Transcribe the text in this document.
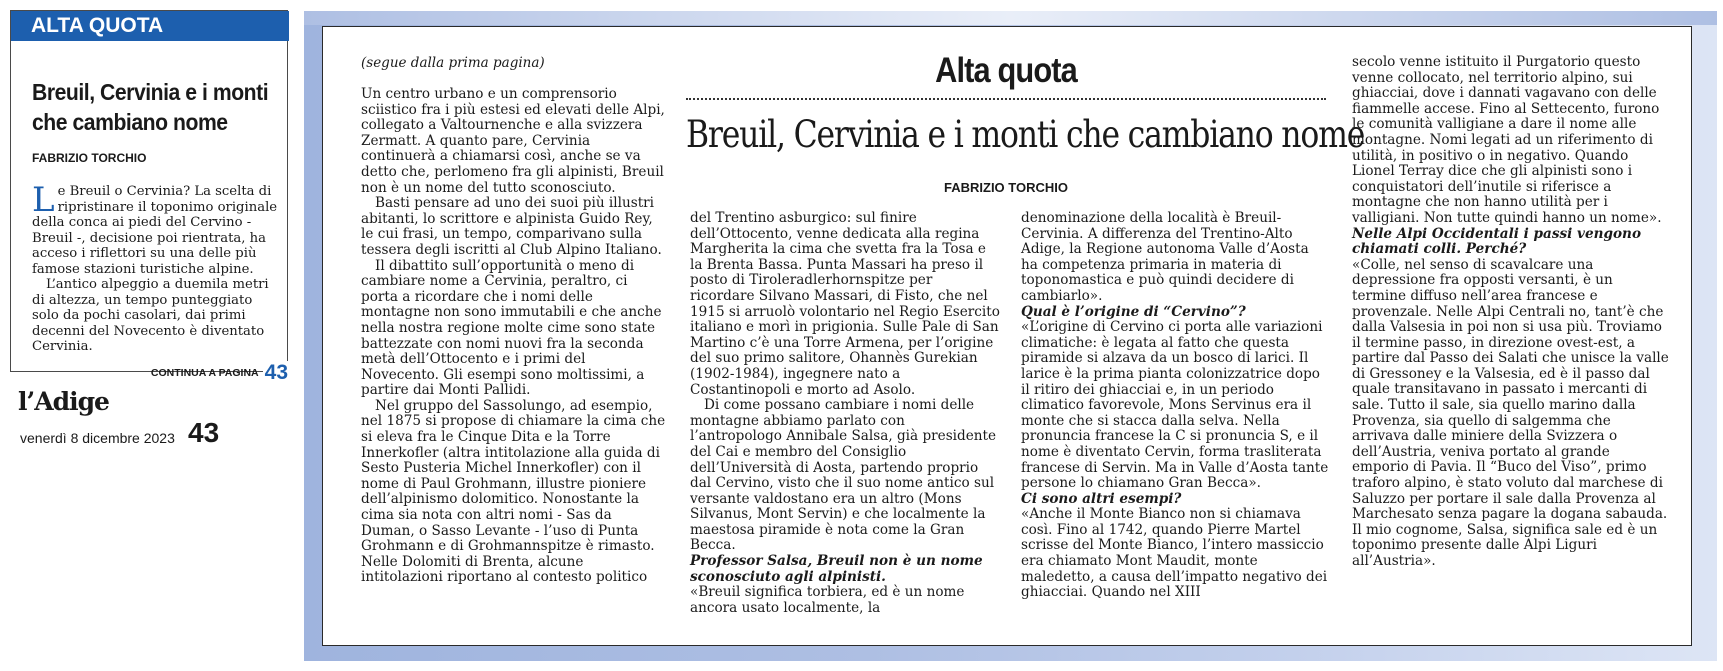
ALTA QUOTA
Breuil, Cervinia e i monti che cambiano nome
FABRIZIO TORCHIO

Le Breuil o Cervinia? La scelta di ripristinare il toponimo originale della conca ai piedi del Cervino - Breuil -, decisione poi rientrata, ha acceso i riflettori su una delle più famose stazioni turistiche alpine.

L’antico alpeggio a duemila metri di altezza, un tempo punteggiato solo da pochi casolari, dai primi decenni del Novecento è diventato Cervinia.

CONTINUA A PAGINA 43
l’Adige
venerdì 8 dicembre 2023 43
(segue dalla prima pagina)	Alta quota
Breuil, Cervinia e i monti che cambiano nome
FABRIZIO TORCHIO

Un centro urbano e un comprensorio sciistico fra i più estesi ed elevati delle Alpi, collegato a Valtournenche e alla svizzera Zermatt. A quanto pare, Cervinia continuerà a chiamarsi così, anche se va detto che, perlomeno fra gli alpinisti, Breuil non è un nome del tutto sconosciuto.

Basti pensare ad uno dei suoi più illustri abitanti, lo scrittore e alpinista Guido Rey, le cui frasi, un tempo, comparivano sulla tessera degli iscritti al Club Alpino Italiano.

Il dibattito sull’opportunità o meno di cambiare nome a Cervinia, peraltro, ci porta a ricordare che i nomi delle montagne non sono immutabili e che anche nella nostra regione molte cime sono state battezzate con nomi nuovi fra la seconda metà dell’Ottocento e i primi del Novecento. Gli esempi sono moltissimi, a partire dai Monti Pallidi.

Nel gruppo del Sassolungo, ad esempio, nel 1875 si propose di chiamare la cima che si eleva fra le Cinque Dita e la Torre Innerkofler (altra intitolazione alla guida di Sesto Pusteria Michel Innerkofler) con il nome di Paul Grohmann, illustre pioniere dell’alpinismo dolomitico. Nonostante la cima sia nota con altri nomi - Sas da Duman, o Sasso Levante - l’uso di Punta Grohmann e di Grohmannspitze è rimasto. Nelle Dolomiti di Brenta, alcune intitolazioni riportano al contesto politico

del Trentino asburgico: sul finire dell’Ottocento, venne dedicata alla regina Margherita la cima che svetta fra la Tosa e la Brenta Bassa. Punta Massari ha preso il posto di Tiroleradlerhornspitze per ricordare Silvano Massari, di Fisto, che nel 1915 si arruolò volontario nel Regio Esercito italiano e morì in prigionia. Sulle Pale di San Martino c’è una Torre Armena, per l’origine del suo primo salitore, Ohannès Gurekian (1902-1984), ingegnere nato a Costantinopoli e morto ad Asolo.

Di come possano cambiare i nomi delle montagne abbiamo parlato con l’antropologo Annibale Salsa, già presidente del Cai e membro del Consiglio dell’Università di Aosta, partendo proprio dal Cervino, visto che il suo nome antico sul versante valdostano era un altro (Mons Silvanus, Mont Servin) e che localmente la maestosa piramide è nota come la Gran Becca.

Professor Salsa, Breuil non è un nome sconosciuto agli alpinisti.

«Breuil significa torbiera, ed è un nome ancora usato localmente, la

denominazione della località è Breuil-Cervinia. A differenza del Trentino-Alto Adige, la Regione autonoma Valle d’Aosta ha competenza primaria in materia di toponomastica e può quindi decidere di cambiarlo».

Qual è l’origine di “Cervino”?

«L’origine di Cervino ci porta alle variazioni climatiche: è legata al fatto che questa piramide si alzava da un bosco di larici. Il larice è la prima pianta colonizzatrice dopo il ritiro dei ghiacciai e, in un periodo climatico favorevole, Mons Servinus era il monte che si stacca dalla selva. Nella pronuncia francese la C si pronuncia S, e il nome è diventato Cervin, forma trasliterata francese di Servin. Ma in Valle d’Aosta tante persone lo chiamano Gran Becca».

Ci sono altri esempi?

«Anche il Monte Bianco non si chiamava così. Fino al 1742, quando Pierre Martel scrisse del Monte Bianco, l’intero massiccio era chiamato Mont Maudit, monte maledetto, a causa dell’impatto negativo dei ghiacciai. Quando nel XIII

secolo venne istituito il Purgatorio questo venne collocato, nel territorio alpino, sui ghiacciai, dove i dannati vagavano con delle fiammelle accese. Fino al Settecento, furono le comunità valligiane a dare il nome alle montagne. Nomi legati ad un riferimento di utilità, in positivo o in negativo. Quando Lionel Terray dice che gli alpinisti sono i conquistatori dell’inutile si riferisce a montagne che non hanno utilità per i valligiani. Non tutte quindi hanno un nome».

Nelle Alpi Occidentali i passi vengono chiamati colli. Perché?

«Colle, nel senso di scavalcare una depressione fra opposti versanti, è un termine diffuso nell’area francese e provenzale. Nelle Alpi Centrali no, tant’è che dalla Valsesia in poi non si usa più. Troviamo il termine passo, in direzione ovest-est, a partire dal Passo dei Salati che unisce la valle di Gressoney e la Valsesia, ed è il passo dal quale transitavano in passato i mercanti di sale. Tutto il sale, sia quello marino dalla Provenza, sia quello di salgemma che arrivava dalle miniere della Svizzera o dell’Austria, veniva portato al grande emporio di Pavia. Il “Buco del Viso”, primo traforo alpino, è stato voluto dal marchese di Saluzzo per portare il sale dalla Provenza al Marchesato senza pagare la dogana sabauda. Il mio cognome, Salsa, significa sale ed è un toponimo presente dalle Alpi Liguri all’Austria».
